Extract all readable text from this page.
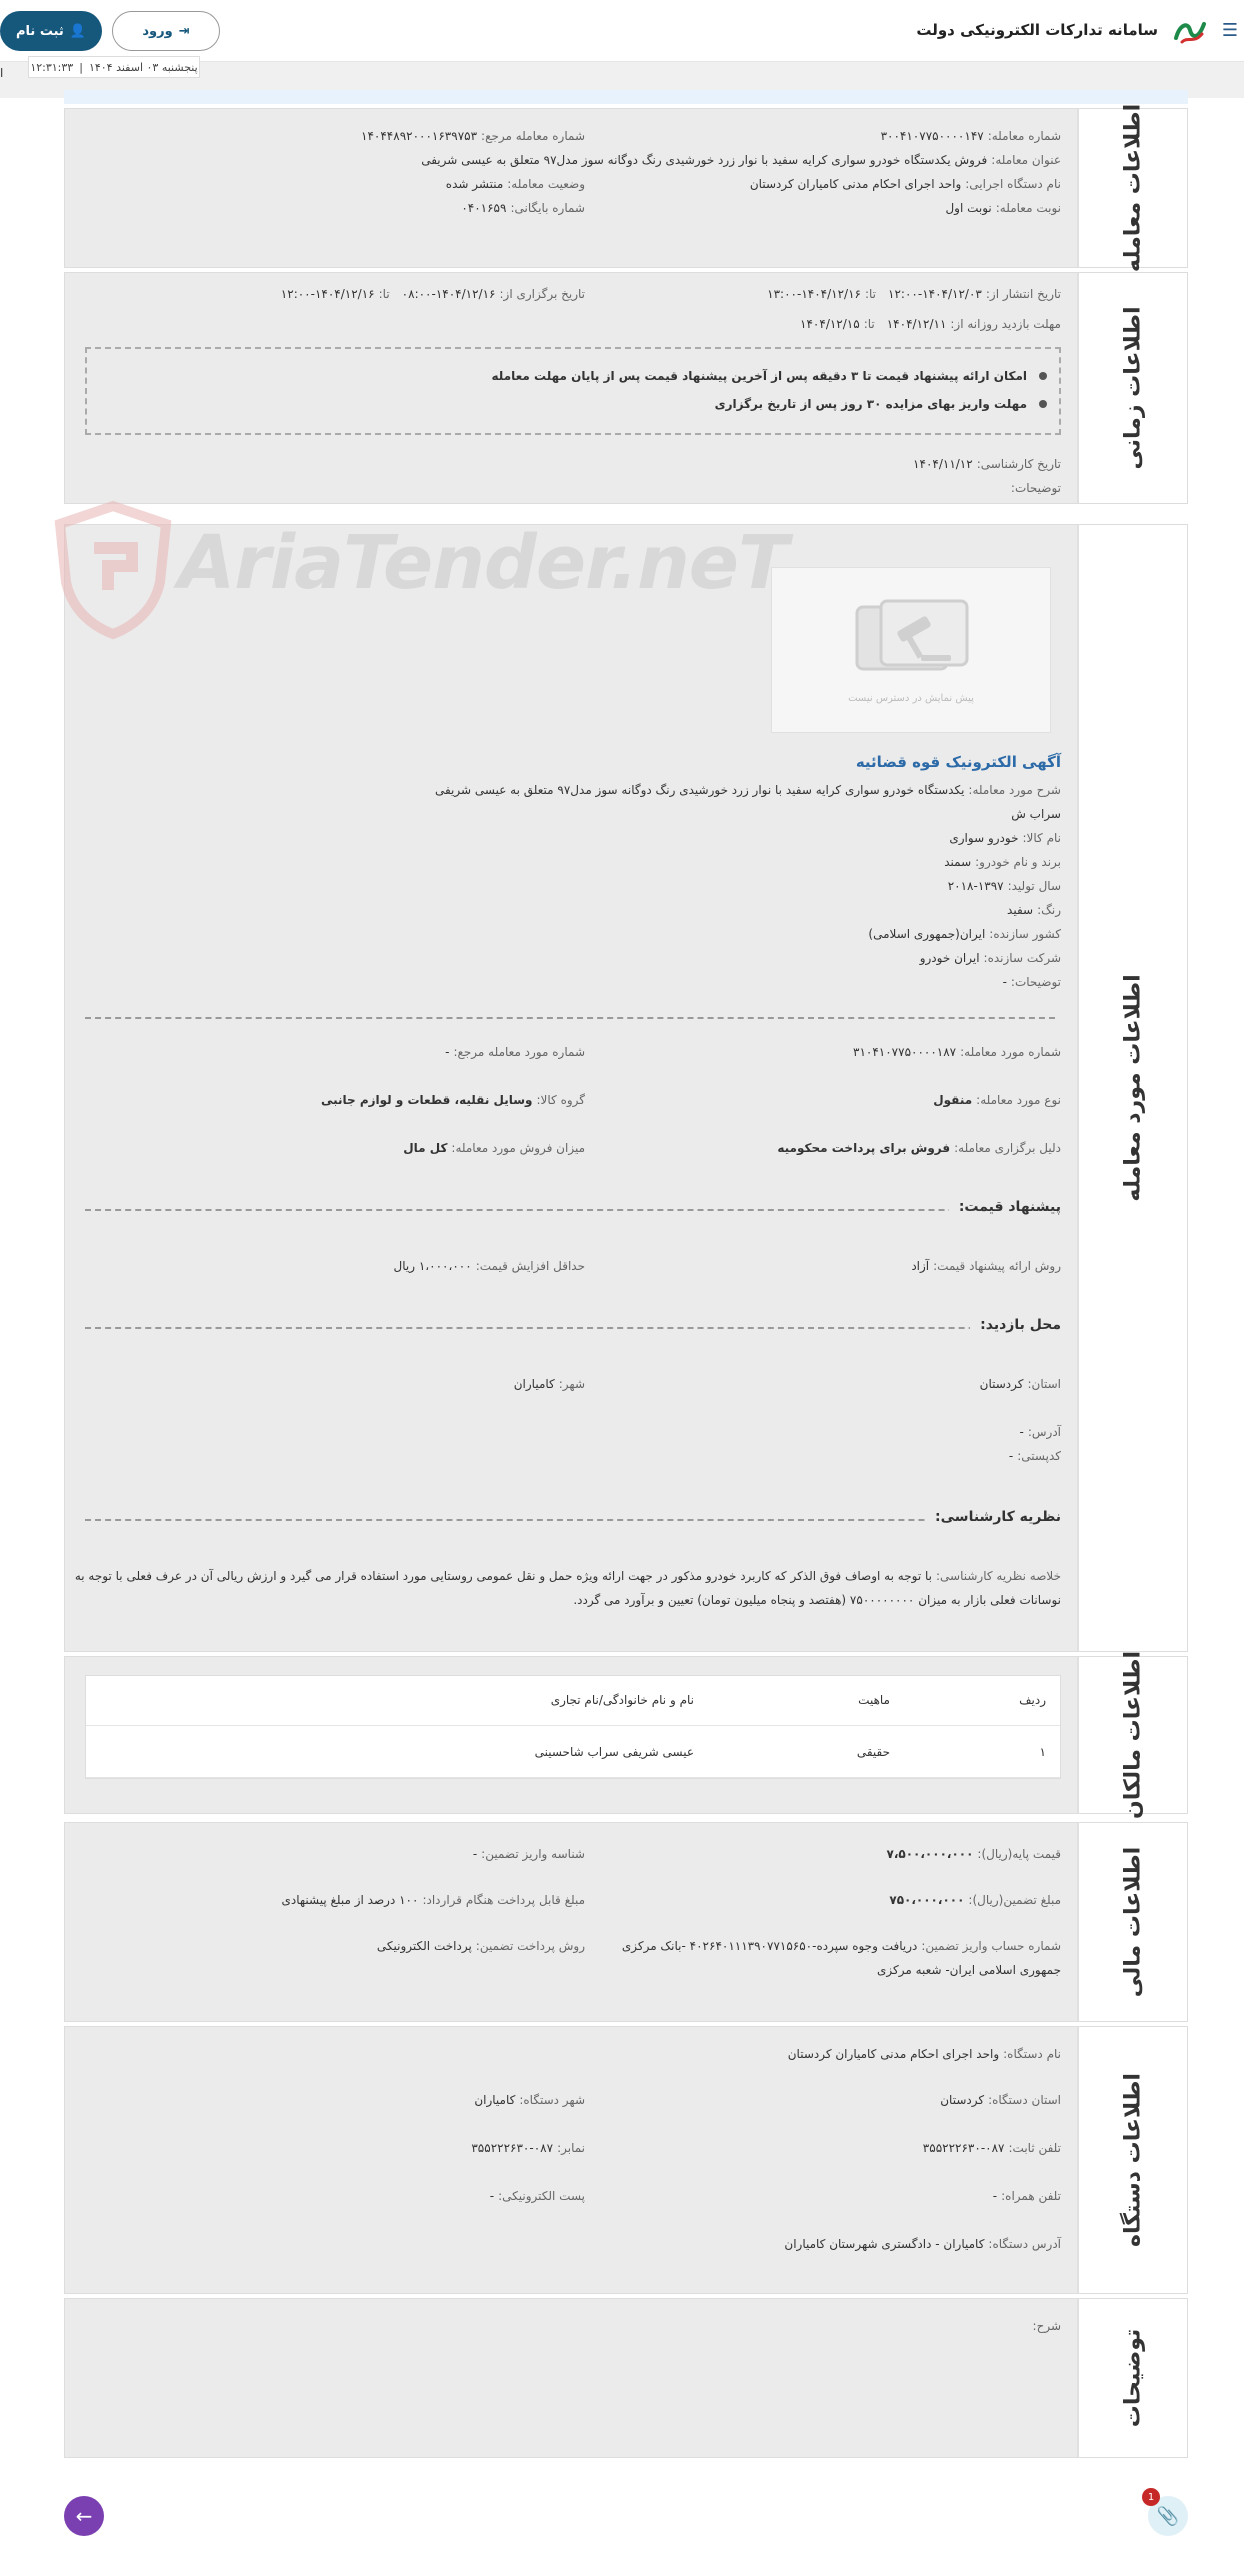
☰
سامانه تدارکات الکترونیکی دولت
👤
ثبت نام	⇥
ورود
پنجشنبه ۰۳ اسفند ۱۴۰۴
|
۱۲:۳۱:۳۳
ا
اطلاعات معامله
شماره معامله:۳۰۰۴۱۰۷۷۵۰۰۰۰۱۴۷
شماره معامله مرجع:۱۴۰۴۴۸۹۲۰۰۰۱۶۳۹۷۵۳
عنوان معامله:فروش یکدستگاه خودرو سواری کرایه سفید با نوار زرد خورشیدی رنگ دوگانه سوز مدل۹۷ متعلق به عیسی شریفی
نام دستگاه اجرایی:واحد اجرای احکام مدنی کامیاران کردستان
وضعیت معامله:منتشر شده
نوبت معامله:نوبت اول
شماره بایگانی:۰۴۰۱۶۵۹
اطلاعات زمانی
تاریخ انتشار از:۱۴۰۴/۱۲/۰۳-۱۲:۰۰تا:۱۴۰۴/۱۲/۱۶-۱۳:۰۰
تاریخ برگزاری از:۱۴۰۴/۱۲/۱۶-۰۸:۰۰تا:۱۴۰۴/۱۲/۱۶-۱۲:۰۰
مهلت بازدید روزانه از:۱۴۰۴/۱۲/۱۱تا:۱۴۰۴/۱۲/۱۵
امکان ارائه پیشنهاد قیمت تا ۳ دقیقه پس از آخرین پیشنهاد قیمت پس از پایان مهلت معامله
مهلت واریز بهای مزایده ۳۰ روز پس از تاریخ برگزاری
تاریخ کارشناسی:۱۴۰۴/۱۱/۱۲
توضیحات:
اطلاعات مورد معامله
پیش نمایش در دسترس نیست
آگهی الکترونیک قوه قضائیه
شرح مورد معامله:یکدستگاه خودرو سواری کرایه سفید با نوار زرد خورشیدی رنگ دوگانه سوز مدل۹۷ متعلق به عیسی شریفی
سراب ش
نام کالا:خودرو سواری
برند و نام خودرو:سمند
سال تولید:۱۳۹۷-۲۰۱۸
رنگ:سفید
کشور سازنده:ایران(جمهوری اسلامی)
شرکت سازنده:ایران خودرو
توضیحات:-
شماره مورد معامله:۳۱۰۴۱۰۷۷۵۰۰۰۰۱۸۷
شماره مورد معامله مرجع:-
نوع مورد معامله:منقول
گروه کالا:وسایل نقلیه، قطعات و لوازم جانبی
دلیل برگزاری معامله:فروش برای پرداخت محکومیه
میزان فروش مورد معامله:کل مال
پیشنهاد قیمت:
روش ارائه پیشنهاد قیمت:آزاد
حداقل افزایش قیمت:۱،۰۰۰،۰۰۰ ریال
محل بازدید:
استان:کردستان
شهر:کامیاران
آدرس:-
کدپستی:-
نظریه کارشناسی:
خلاصه نظریه کارشناسی:با توجه به اوصاف فوق الذکر که کاربرد خودرو مذکور در جهت ارائه ویژه حمل و نقل عمومی روستایی مورد استفاده قرار می گیرد و ارزش ریالی آن در عرف فعلی با توجه به
نوسانات فعلی بازار به میزان ۷۵۰۰۰۰۰۰۰۰ (هفتصد و پنجاه میلیون تومان) تعیین و برآورد می گردد.
AriaTender.neT
اطلاعات مالکان
ردیف
ماهیت
نام و نام خانوادگی/نام تجاری
۱
حقیقی
عیسی شریفی سراب شاحسینی
اطلاعات مالی
قیمت پایه(ریال):۷،۵۰۰،۰۰۰،۰۰۰
شناسه واریز تضمین:-
مبلغ تضمین(ریال):۷۵۰،۰۰۰،۰۰۰
مبلغ قابل پرداخت هنگام قرارداد:۱۰۰ درصد از مبلغ پیشنهادی
شماره حساب واریز تضمین:دریافت وجوه سپرده-۴۰۲۶۴۰۱۱۱۳۹۰۷۷۱۵۶۵۰ -بانک مرکزی
جمهوری اسلامی ایران- شعبه مرکزی
روش پرداخت تضمین:پرداخت الکترونیکی
اطلاعات دستگاه
نام دستگاه:واحد اجرای احکام مدنی کامیاران کردستان
استان دستگاه:کردستان
شهر دستگاه:کامیاران
تلفن ثابت:۰۸۷-۳۵۵۲۲۲۶۳۰
نمابر:۰۸۷-۳۵۵۲۲۲۶۳۰
تلفن همراه:-
پست الکترونیکی:-
آدرس دستگاه:کامیاران - دادگستری شهرستان کامیاران
توضیحات
شرح:
←	📎
1
